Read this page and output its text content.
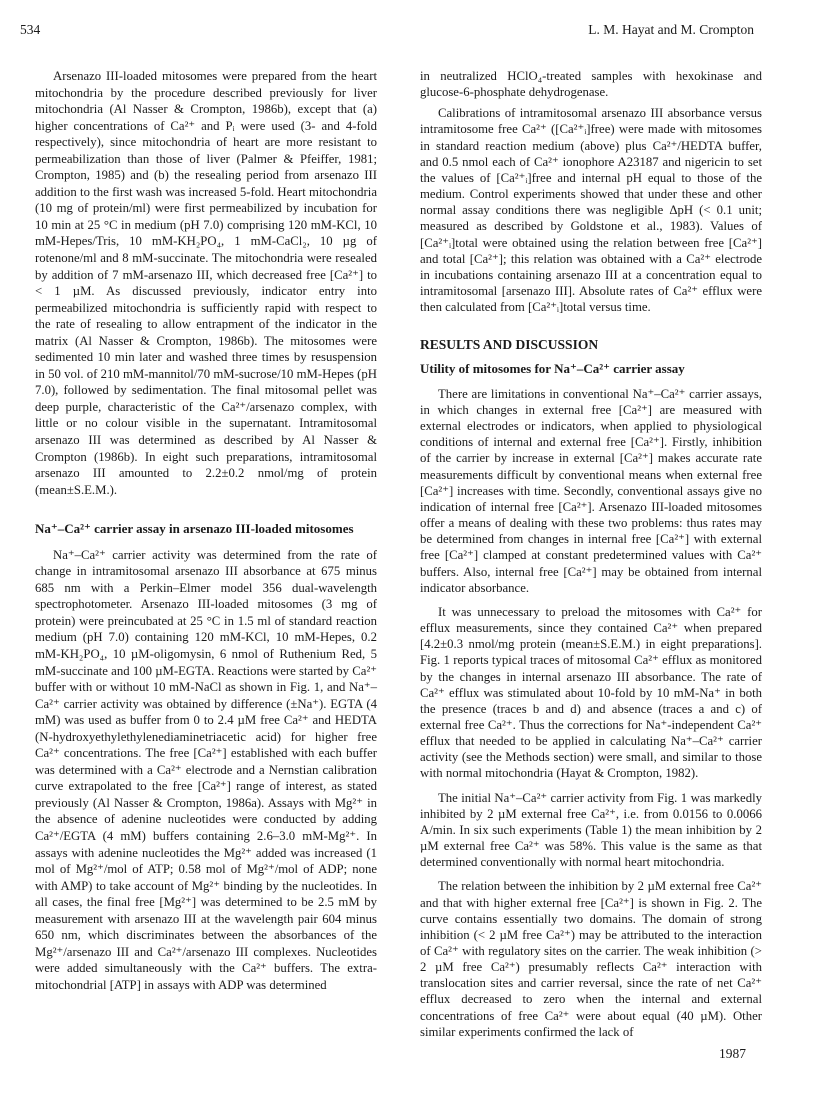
534	L. M. Hayat and M. Crompton

Arsenazo III-loaded mitosomes were prepared from the heart mitochondria by the procedure described previously for liver mitochondria (Al Nasser & Crompton, 1986b), except that (a) higher concentrations of Ca²⁺ and Pᵢ were used (3- and 4-fold respectively), since mitochondria of heart are more resistant to permeabilization than those of liver (Palmer & Pfeiffer, 1981; Crompton, 1985) and (b) the resealing period from arsenazo III addition to the first wash was increased 5-fold. Heart mitochondria (10 mg of protein/ml) were first permeabilized by incubation for 10 min at 25 °C in medium (pH 7.0) comprising 120 mM-KCl, 10 mM-Hepes/Tris, 10 mM-KH₂PO₄, 1 mM-CaCl₂, 10 µg of rotenone/ml and 8 mM-succinate. The mitochondria were resealed by addition of 7 mM-arsenazo III, which decreased free [Ca²⁺] to < 1 µM. As discussed previously, indicator entry into permeabilized mitochondria is sufficiently rapid with respect to the rate of resealing to allow entrapment of the indicator in the matrix (Al Nasser & Crompton, 1986b). The mitosomes were sedimented 10 min later and washed three times by resuspension in 50 vol. of 210 mM-mannitol/70 mM-sucrose/10 mM-Hepes (pH 7.0), followed by sedimentation. The final mitosomal pellet was deep purple, characteristic of the Ca²⁺/arsenazo complex, with little or no colour visible in the supernatant. Intramitosomal arsenazo III was determined as described by Al Nasser & Crompton (1986b). In eight such preparations, intramitosomal arsenazo III amounted to 2.2±0.2 nmol/mg of protein (mean±S.E.M.).

Na⁺–Ca²⁺ carrier assay in arsenazo III-loaded mitosomes

Na⁺–Ca²⁺ carrier activity was determined from the rate of change in intramitosomal arsenazo III absorbance at 675 minus 685 nm with a Perkin–Elmer model 356 dual-wavelength spectrophotometer. Arsenazo III-loaded mitosomes (3 mg of protein) were preincubated at 25 °C in 1.5 ml of standard reaction medium (pH 7.0) containing 120 mM-KCl, 10 mM-Hepes, 0.2 mM-KH₂PO₄, 10 µM-oligomysin, 6 nmol of Ruthenium Red, 5 mM-succinate and 100 µM-EGTA. Reactions were started by Ca²⁺ buffer with or without 10 mM-NaCl as shown in Fig. 1, and Na⁺–Ca²⁺ carrier activity was obtained by difference (±Na⁺). EGTA (4 mM) was used as buffer from 0 to 2.4 µM free Ca²⁺ and HEDTA (N-hydroxyethylethylenediaminetriacetic acid) for higher free Ca²⁺ concentrations. The free [Ca²⁺] established with each buffer was determined with a Ca²⁺ electrode and a Nernstian calibration curve extrapolated to the free [Ca²⁺] range of interest, as stated previously (Al Nasser & Crompton, 1986a). Assays with Mg²⁺ in the absence of adenine nucleotides were conducted by adding Ca²⁺/EGTA (4 mM) buffers containing 2.6–3.0 mM-Mg²⁺. In assays with adenine nucleotides the Mg²⁺ added was increased (1 mol of Mg²⁺/mol of ATP; 0.58 mol of Mg²⁺/mol of ADP; none with AMP) to take account of Mg²⁺ binding by the nucleotides. In all cases, the final free [Mg²⁺] was determined to be 2.5 mM by measurement with arsenazo III at the wavelength pair 604 minus 650 nm, which discriminates between the absorbances of the Mg²⁺/arsenazo III and Ca²⁺/arsenazo III complexes. Nucleotides were added simultaneously with the Ca²⁺ buffers. The extra-mitochondrial [ATP] in assays with ADP was determined

in neutralized HClO₄-treated samples with hexokinase and glucose-6-phosphate dehydrogenase.

Calibrations of intramitosomal arsenazo III absorbance versus intramitosome free Ca²⁺ ([Ca²⁺ᵢ]free) were made with mitosomes in standard reaction medium (above) plus Ca²⁺/HEDTA buffer, and 0.5 nmol each of Ca²⁺ ionophore A23187 and nigericin to set the values of [Ca²⁺ᵢ]free and internal pH equal to those of the medium. Control experiments showed that under these and other normal assay conditions there was negligible ΔpH (< 0.1 unit; measured as described by Goldstone et al., 1983). Values of [Ca²⁺ᵢ]total were obtained using the relation between free [Ca²⁺] and total [Ca²⁺]; this relation was obtained with a Ca²⁺ electrode in incubations containing arsenazo III at a concentration equal to intramitosomal [arsenazo III]. Absolute rates of Ca²⁺ efflux were then calculated from [Ca²⁺ᵢ]total versus time.

RESULTS AND DISCUSSION
Utility of mitosomes for Na⁺–Ca²⁺ carrier assay

There are limitations in conventional Na⁺–Ca²⁺ carrier assays, in which changes in external free [Ca²⁺] are measured with external electrodes or indicators, when applied to physiological conditions of internal and external free [Ca²⁺]. Firstly, inhibition of the carrier by increase in external [Ca²⁺] makes accurate rate measurements difficult by conventional means when external free [Ca²⁺] increases with time. Secondly, conventional assays give no indication of internal free [Ca²⁺]. Arsenazo III-loaded mitosomes offer a means of dealing with these two problems: thus rates may be determined from changes in internal free [Ca²⁺] with external free [Ca²⁺] clamped at constant predetermined values with Ca²⁺ buffers. Also, internal free [Ca²⁺] may be obtained from internal indicator absorbance.

It was unnecessary to preload the mitosomes with Ca²⁺ for efflux measurements, since they contained Ca²⁺ when prepared [4.2±0.3 nmol/mg protein (mean±S.E.M.) in eight preparations]. Fig. 1 reports typical traces of mitosomal Ca²⁺ efflux as monitored by the changes in internal arsenazo III absorbance. The rate of Ca²⁺ efflux was stimulated about 10-fold by 10 mM-Na⁺ in both the presence (traces b and d) and absence (traces a and c) of external free Ca²⁺. Thus the corrections for Na⁺-independent Ca²⁺ efflux that needed to be applied in calculating Na⁺–Ca²⁺ carrier activity (see the Methods section) were small, and similar to those with normal mitochondria (Hayat & Crompton, 1982).

The initial Na⁺–Ca²⁺ carrier activity from Fig. 1 was markedly inhibited by 2 µM external free Ca²⁺, i.e. from 0.0156 to 0.0066 A/min. In six such experiments (Table 1) the mean inhibition by 2 µM external free Ca²⁺ was 58%. This value is the same as that determined conventionally with normal heart mitochondria.

The relation between the inhibition by 2 µM external free Ca²⁺ and that with higher external free [Ca²⁺] is shown in Fig. 2. The curve contains essentially two domains. The domain of strong inhibition (< 2 µM free Ca²⁺) may be attributed to the interaction of Ca²⁺ with regulatory sites on the carrier. The weak inhibition (> 2 µM free Ca²⁺) presumably reflects Ca²⁺ interaction with translocation sites and carrier reversal, since the rate of net Ca²⁺ efflux decreased to zero when the internal and external concentrations of free Ca²⁺ were about equal (40 µM). Other similar experiments confirmed the lack of

1987
